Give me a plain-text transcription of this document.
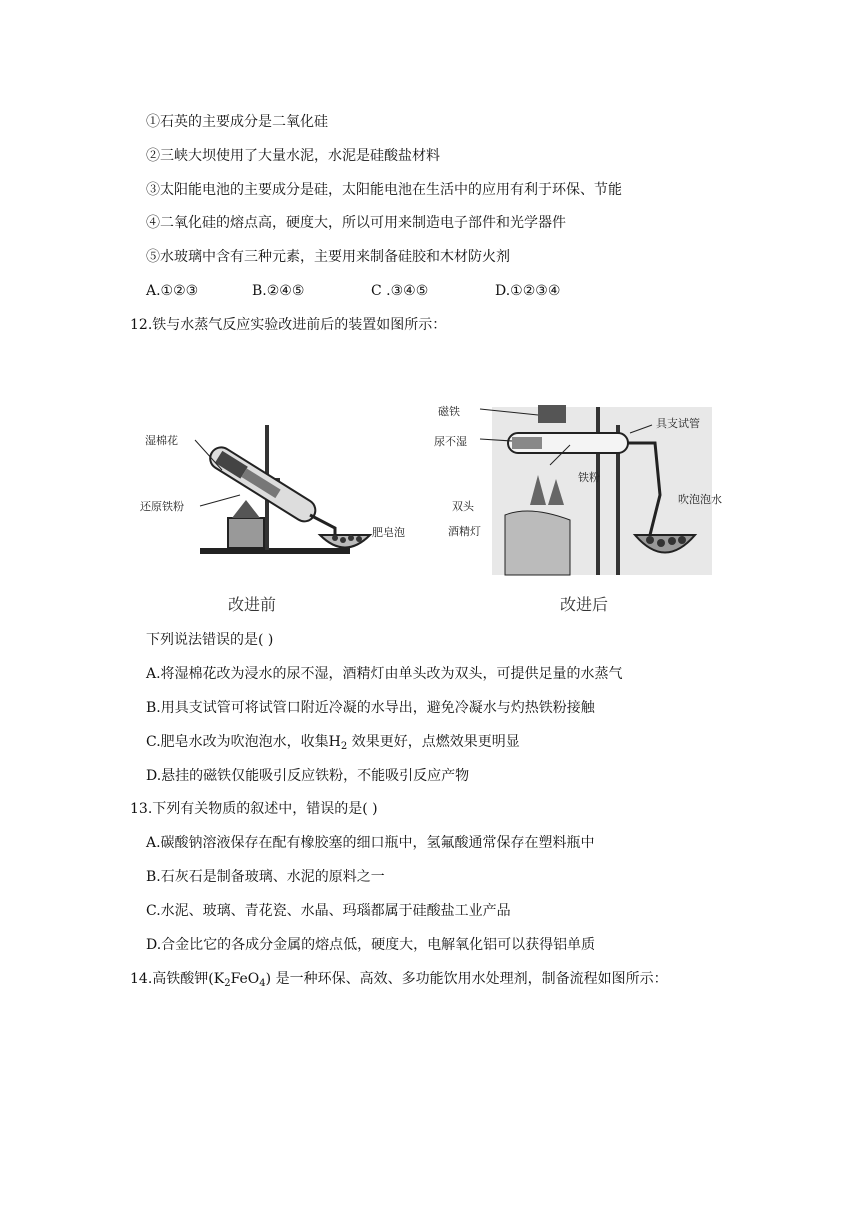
①石英的主要成分是二氧化硅
②三峡大坝使用了大量水泥，水泥是硅酸盐材料
③太阳能电池的主要成分是硅，太阳能电池在生活中的应用有利于环保、节能
④二氧化硅的熔点高，硬度大，所以可用来制造电子部件和光学器件
⑤水玻璃中含有三种元素，主要用来制备硅胶和木材防火剂
A.①②③	B.②④⑤	C .③④⑤	D.①②③④
12.铁与水蒸气反应实验改进前后的装置如图所示：
湿棉花
还原铁粉
肥皂泡
改进前
磁铁
尿不湿
具支试管
铁粉
双头
酒精灯
吹泡泡水
改进后
下列说法错误的是( )
A.将湿棉花改为浸水的尿不湿，酒精灯由单头改为双头，可提供足量的水蒸气
B.用具支试管可将试管口附近冷凝的水导出，避免冷凝水与灼热铁粉接触
C.肥皂水改为吹泡泡水，收集$H_2$ 效果更好，点燃效果更明显
D.悬挂的磁铁仅能吸引反应铁粉，不能吸引反应产物
13.下列有关物质的叙述中，错误的是( )
A.碳酸钠溶液保存在配有橡胶塞的细口瓶中，氢氟酸通常保存在塑料瓶中
B.石灰石是制备玻璃、水泥的原料之一
C.水泥、玻璃、青花瓷、水晶、玛瑙都属于硅酸盐工业产品
D.合金比它的各成分金属的熔点低，硬度大，电解氧化铝可以获得铝单质
14.高铁酸钾$(K_2FeO_4)$ 是一种环保、高效、多功能饮用水处理剂，制备流程如图所示：
